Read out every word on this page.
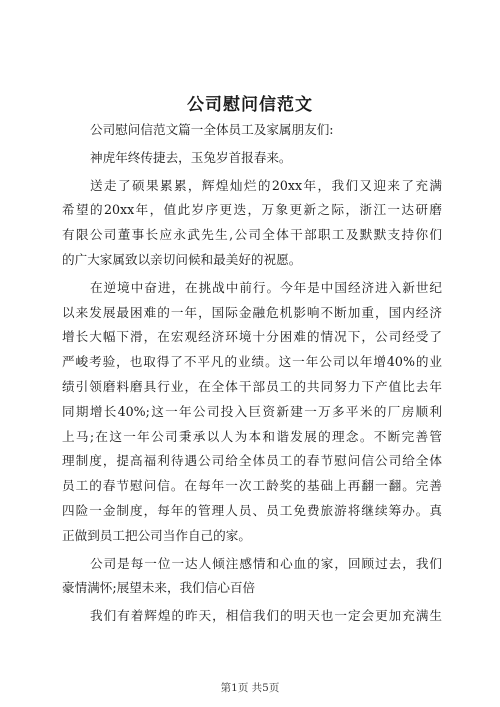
公司慰问信范文
公司慰问信范文篇一全体员工及家属朋友们:
神虎年终传捷去，玉兔岁首报春来。
送走了硕果累累，辉煌灿烂的20xx年，我们又迎来了充满
希望的20xx年，值此岁序更迭，万象更新之际，浙江一达研磨
有限公司董事长应永武先生,公司全体干部职工及默默支持你们
的广大家属致以亲切问候和最美好的祝愿。
在逆境中奋进，在挑战中前行。今年是中国经济进入新世纪
以来发展最困难的一年，国际金融危机影响不断加重，国内经济
增长大幅下滑，在宏观经济环境十分困难的情况下，公司经受了
严峻考验，也取得了不平凡的业绩。这一年公司以年增40%的业
绩引领磨料磨具行业，在全体干部员工的共同努力下产值比去年
同期增长40%;这一年公司投入巨资新建一万多平米的厂房顺利
上马;在这一年公司秉承以人为本和谐发展的理念。不断完善管
理制度，提高福利待遇公司给全体员工的春节慰问信公司给全体
员工的春节慰问信。在每年一次工龄奖的基础上再翻一翻。完善
四险一金制度，每年的管理人员、员工免费旅游将继续筹办。真
正做到员工把公司当作自己的家。
公司是每一位一达人倾注感情和心血的家，回顾过去，我们
豪情满怀;展望未来，我们信心百倍
我们有着辉煌的昨天，相信我们的明天也一定会更加充满生
第1页 共5页
